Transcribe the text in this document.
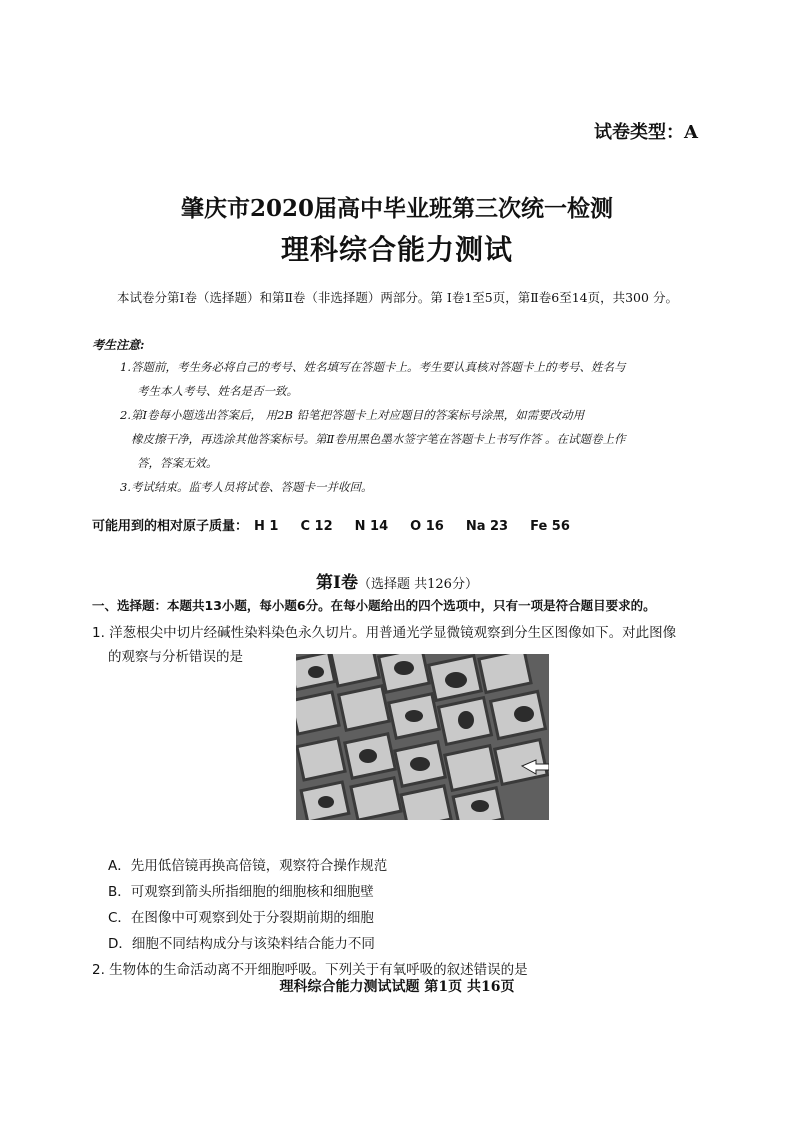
试卷类型：A
肇庆市2020届高中毕业班第三次统一检测
理科综合能力测试
本试卷分第Ⅰ卷（选择题）和第Ⅱ卷（非选择题）两部分。第 Ⅰ卷1至5页，第Ⅱ卷6至14页，共300 分。
考生注意:
1.答题前，考生务必将自己的考号、姓名填写在答题卡上。考生要认真核对答题卡上的考号、姓名与
考生本人考号、姓名是否一致。
2.第Ⅰ卷每小题选出答案后， 用2B 铅笔把答题卡上对应题目的答案标号涂黑，如需要改动用
橡皮擦干净，再选涂其他答案标号。第Ⅱ卷用黑色墨水签字笔在答题卡上书写作答 。在试题卷上作
答，答案无效。
3.考试结束。监考人员将试卷、答题卡一并收回。
可能用到的相对原子质量： H 1 C 12 N 14 O 16 Na 23 Fe 56
第Ⅰ卷（选择题 共126分）
一、选择题：本题共13小题，每小题6分。在每小题给出的四个选项中，只有一项是符合题目要求的。
1. 洋葱根尖中切片经碱性染料染色永久切片。用普通光学显微镜观察到分生区图像如下。对此图像
的观察与分析错误的是
A．先用低倍镜再换高倍镜，观察符合操作规范
B．可观察到箭头所指细胞的细胞核和细胞壁
C．在图像中可观察到处于分裂期前期的细胞
D．细胞不同结构成分与该染料结合能力不同
2. 生物体的生命活动离不开细胞呼吸。下列关于有氧呼吸的叙述错误的是
理科综合能力测试试题 第1页 共16页
